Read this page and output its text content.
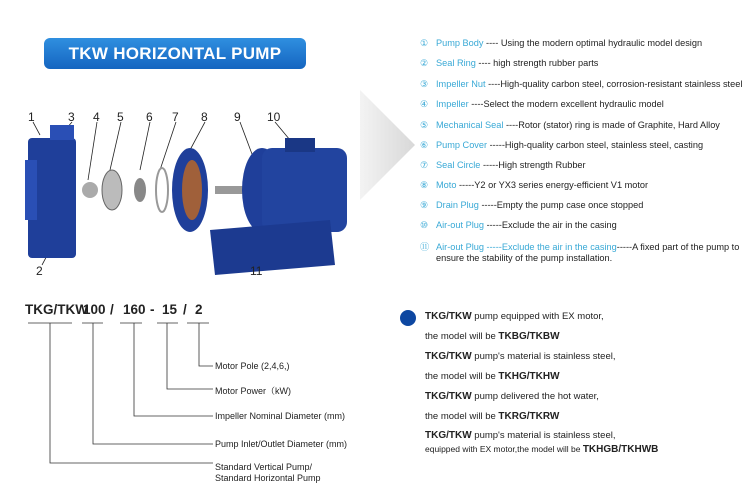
TKW HORIZONTAL PUMP
1	3 4 5 6 7 8 9 10
2	11
① Pump Body ---- Using the modern optimal hydraulic model design
② Seal Ring ---- high strength rubber parts
③ Impeller Nut ----High-quality carbon steel, corrosion-resistant stainless steel
④ Impeller ----Select the modern excellent hydraulic model
⑤ Mechanical Seal ----Rotor (stator) ring is made of Graphite, Hard Alloy
⑥ Pump Cover -----High-quality carbon steel, stainless steel, casting
⑦ Seal Circle -----High strength Rubber
⑧ Moto -----Y2 or YX3 series energy-efficient V1 motor
⑨ Drain Plug -----Empty the pump case once stopped
⑩ Air-out Plug -----Exclude the air in the casing
⑪ Air-out Plug -----Exclude the air in the casing-----A fixed part of the pump to
ensure the stability of the pump installation.
TKG/TKW
100 / 160 - 15 / 2
Motor Pole (2,4,6,)
Motor Power（kW)
Impeller Nominal Diameter (mm)
Pump Inlet/Outlet Diameter (mm)
Standard Vertical Pump/
Standard Horizontal Pump
TKG/TKW pump equipped with EX motor,
the model will be TKBG/TKBW
TKG/TKW pump's material is stainless steel,
the model will be TKHG/TKHW
TKG/TKW pump delivered the hot water,
the model will be TKRG/TKRW
TKG/TKW pump's material is stainless steel,
equipped with EX motor,the model will be TKHGB/TKHWB
